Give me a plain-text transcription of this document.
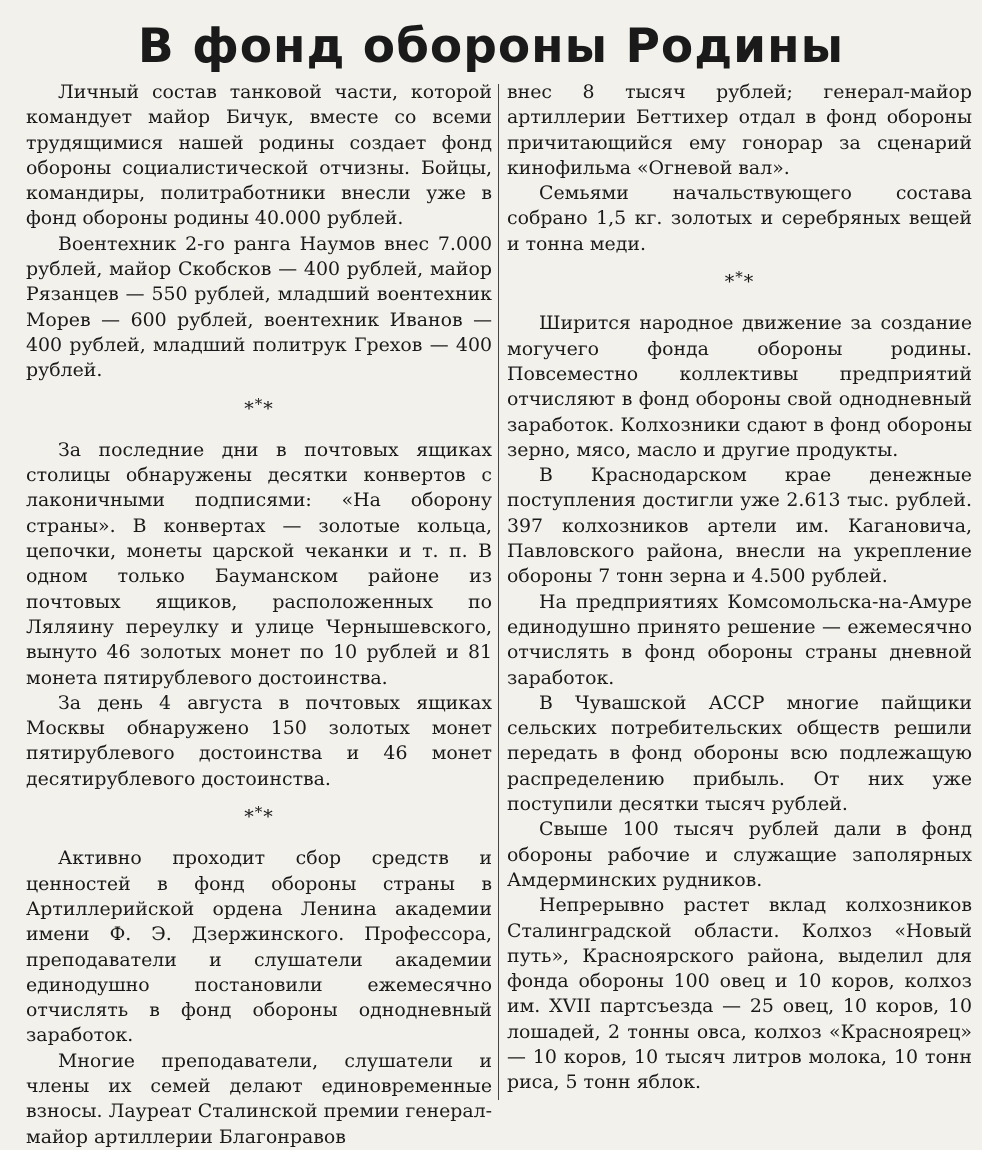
В фонд обороны Родины

Личный состав танковой части, которой командует майор Бичук, вместе со всеми трудящимися нашей родины создает фонд обороны социалистической отчизны. Бойцы, командиры, политработники внесли уже в фонд обороны родины 40.000 рублей.

Воентехник 2-го ранга Наумов внес 7.000 рублей, майор Скобсков — 400 рублей, майор Рязанцев — 550 рублей, младший воентехник Морев — 600 рублей, воентехник Иванов — 400 рублей, младший политрук Грехов — 400 рублей.

***

За последние дни в почтовых ящиках столицы обнаружены десятки конвертов с лаконичными подписями: «На оборону страны». В конвертах — золотые кольца, цепочки, монеты царской чеканки и т. п. В одном только Бауманском районе из почтовых ящиков, расположенных по Ляляину переулку и улице Чернышевского, вынуто 46 золотых монет по 10 рублей и 81 монета пятирублевого достоинства.

За день 4 августа в почтовых ящиках Москвы обнаружено 150 золотых монет пятирублевого достоинства и 46 монет десятирублевого достоинства.

***

Активно проходит сбор средств и ценностей в фонд обороны страны в Артиллерийской ордена Ленина академии имени Ф. Э. Дзержинского. Профессора, преподаватели и слушатели академии единодушно постановили ежемесячно отчислять в фонд обороны однодневный заработок.

Многие преподаватели, слушатели и члены их семей делают единовременные взносы. Лауреат Сталинской премии генерал-майор артиллерии Благонравов

внес 8 тысяч рублей; генерал-майор артиллерии Беттихер отдал в фонд обороны причитающийся ему гонорар за сценарий кинофильма «Огневой вал».

Семьями начальствующего состава собрано 1,5 кг. золотых и серебряных вещей и тонна меди.

***

Ширится народное движение за создание могучего фонда обороны родины. Повсеместно коллективы предприятий отчисляют в фонд обороны свой однодневный заработок. Колхозники сдают в фонд обороны зерно, мясо, масло и другие продукты.

В Краснодарском крае денежные поступления достигли уже 2.613 тыс. рублей. 397 колхозников артели им. Кагановича, Павловского района, внесли на укрепление обороны 7 тонн зерна и 4.500 рублей.

На предприятиях Комсомольска-на-Амуре единодушно принято решение — ежемесячно отчислять в фонд обороны страны дневной заработок.

В Чувашской АССР многие пайщики сельских потребительских обществ решили передать в фонд обороны всю подлежащую распределению прибыль. От них уже поступили десятки тысяч рублей.

Свыше 100 тысяч рублей дали в фонд обороны рабочие и служащие заполярных Амдерминских рудников.

Непрерывно растет вклад колхозников Сталинградской области. Колхоз «Новый путь», Красноярского района, выделил для фонда обороны 100 овец и 10 коров, колхоз им. XVII партсъезда — 25 овец, 10 коров, 10 лошадей, 2 тонны овса, колхоз «Красноярец» — 10 коров, 10 тысяч литров молока, 10 тонн риса, 5 тонн яблок.
